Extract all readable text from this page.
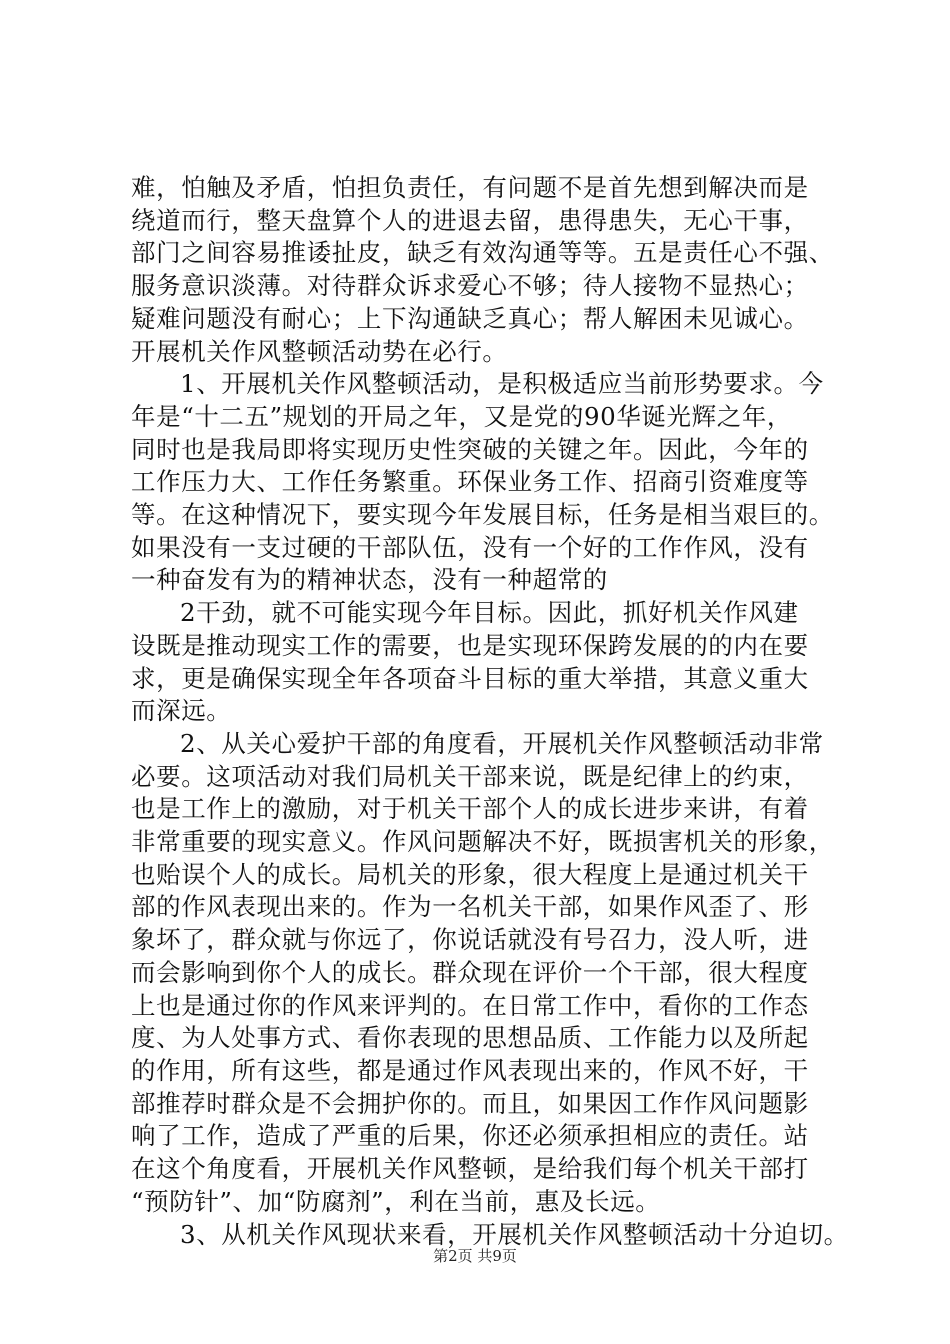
难，怕触及矛盾，怕担负责任，有问题不是首先想到解决而是
绕道而行，整天盘算个人的进退去留，患得患失，无心干事，
部门之间容易推诿扯皮，缺乏有效沟通等等。五是责任心不强、
服务意识淡薄。对待群众诉求爱心不够；待人接物不显热心；
疑难问题没有耐心；上下沟通缺乏真心；帮人解困未见诚心。
开展机关作风整顿活动势在必行。
1、开展机关作风整顿活动，是积极适应当前形势要求。今
年是“十二五”规划的开局之年，又是党的90华诞光辉之年，
同时也是我局即将实现历史性突破的关键之年。因此，今年的
工作压力大、工作任务繁重。环保业务工作、招商引资难度等
等。在这种情况下，要实现今年发展目标，任务是相当艰巨的。
如果没有一支过硬的干部队伍，没有一个好的工作作风，没有
一种奋发有为的精神状态，没有一种超常的
2干劲，就不可能实现今年目标。因此，抓好机关作风建
设既是推动现实工作的需要，也是实现环保跨发展的的内在要
求，更是确保实现全年各项奋斗目标的重大举措，其意义重大
而深远。
2、从关心爱护干部的角度看，开展机关作风整顿活动非常
必要。这项活动对我们局机关干部来说，既是纪律上的约束，
也是工作上的激励，对于机关干部个人的成长进步来讲，有着
非常重要的现实意义。作风问题解决不好，既损害机关的形象，
也贻误个人的成长。局机关的形象，很大程度上是通过机关干
部的作风表现出来的。作为一名机关干部，如果作风歪了、形
象坏了，群众就与你远了，你说话就没有号召力，没人听，进
而会影响到你个人的成长。群众现在评价一个干部，很大程度
上也是通过你的作风来评判的。在日常工作中，看你的工作态
度、为人处事方式、看你表现的思想品质、工作能力以及所起
的作用，所有这些，都是通过作风表现出来的，作风不好，干
部推荐时群众是不会拥护你的。而且，如果因工作作风问题影
响了工作，造成了严重的后果，你还必须承担相应的责任。站
在这个角度看，开展机关作风整顿，是给我们每个机关干部打
“预防针”、加“防腐剂”，利在当前，惠及长远。
3、从机关作风现状来看，开展机关作风整顿活动十分迫切。
第2页 共9页
